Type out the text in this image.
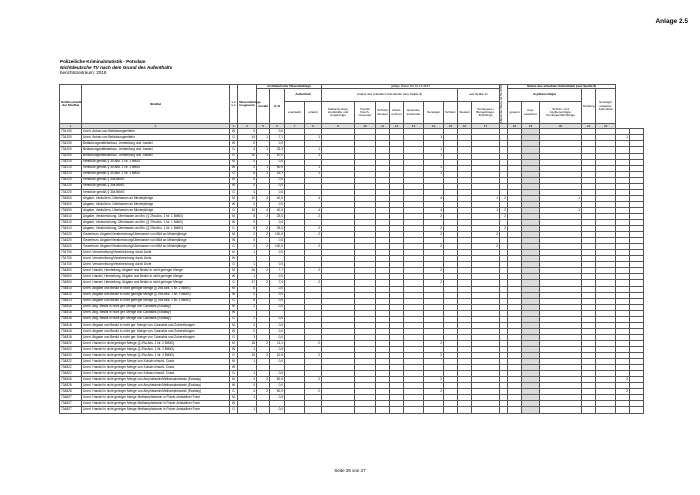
Anlage 2.5
Polizeiliche Kriminalstatistik - Potsdam
Nichtdeutsche TV nach dem Grund des Aufenthalts
berichtszeitraum: 2019
Schlüsselzahl der Straftat	Straftat	s v v v	Tatverdächtige insgesamt	nichtdeutsche Tatverdächtige				gültige Werte bis 31.12.2017									Ablauf der Werte ab 01.2018	Status des erlaubten Aufenthalts (aus Spalte 8)						
				Anzahl	in %	Aufenthalt		Anlass des erlaubten Aufenthalts (aus Spalte 8)							aus Spalte 11			Asylberechtigte			Duldung	Sonstiger erlaubter Aufenthalt		
						unerlaubt	erlaubt	Stationierungs-streitkräfte und Angehörige	Tourist/ Durch-reisender	Schüler/ Student	Arbeit-nehmer	Gewerbe-treibender	Sonstiger	Schüler	Student	Kontingent-/ Bürgerkriegs-flüchtlinge		gesamt	Asyl-bewerber	Schutz- und Asylberechtigte, Kontingentflüchtlinge				

1	2	3	4	5	6	7	8	9	10	11	12	13	14	15	16	17		18	19	20	21	22		
734100	Unerl. Anbau von Betäubungsmitteln	W	0		0,0																			
734100	Unerl. Anbau von Betäubungsmitteln	G	14	1	7,1		1						1										1	
734200	Betäubungsmittelanbau, -herstellung und -handel	W	0		0,0																			
734200	Betäubungsmittelanbau, -herstellung und -handel	G	3	1	33,3		1						1											
734200	Betäubungsmittelanbau, -herstellung und -handel	G	10	1	10,0		1						1											
734210	Verstöße gemäß § 30 Abs. 1 Nr. 1 BtMG	M	4		0,0																			
734210	Verstöße gemäß § 30 Abs. 1 Nr. 1 BtMG	W	2	1	50,0		1						1											
734210	Verstöße gemäß § 30 Abs. 1 Nr. 1 BtMG	G	6	1	16,7		1						1											
734220	Verstöße gemäß § 30a BtMG	M	4		0,0																			
734220	Verstöße gemäß § 30a BtMG	W	0		0,0																			
734220	Verstöße gemäß § 30a BtMG	G	4		0,0																			
734500	Abgabe, Veräußern, Überlassen an Minderjährige	M	10	4	40,0		4						4			1	2			1				
734500	Abgabe, Veräußern, Überlassen an Minderjährige	W	0		0,0																			
734500	Abgabe, Veräußern, Überlassen an Minderjährige	G	10	4	40,0		4						4			1	2			1				
734510	Abgabe, Verabreichung, Überlassen an Min. (§ 29a Abs. 1 Nr. 1 BtMG)	M	8	2	25,0		2						2				2							
734510	Abgabe, Verabreichung, Überlassen an Min. (§ 29a Abs. 1 Nr. 1 BtMG)	W	0		0,0																			
734510	Abgabe, Verabreichung, Überlassen an Min. (§ 29a Abs. 1 Nr. 1 BtMG)	G	8	2	25,0		2						2				2							
734520	Gewerbsm. Abgabe/Verabreichung/Überlassen von BtM an Minderjährige	M	2	2	100,0		2						2			2								
734520	Gewerbsm. Abgabe/Verabreichung/Überlassen von BtM an Minderjährige	W	0		0,0																			
734520	Gewerbsm. Abgabe/Verabreichung/Überlassen von BtM an Minderjährige	G	2	2	100,0		2						2			2								
734700	Unerl. Verschreibung/Verabreichung durch Ärzte	M	1		0,0																			
734700	Unerl. Verschreibung/Verabreichung durch Ärzte	W																						
734700	Unerl. Verschreibung/Verabreichung durch Ärzte	G	1		0,0																			
734800	Unerl. Handel, Herstellung, Abgabe und Besitz in nicht geringer Menge	M	26	2	7,7		2						2											
734800	Unerl. Handel, Herstellung, Abgabe und Besitz in nicht geringer Menge	W	1		0,0																			
734800	Unerl. Handel, Herstellung, Abgabe und Besitz in nicht geringer Menge	G	27	2	7,4		2						2											
734810	Unerl. Abgabe und Besitz in nicht geringer Menge (§ 29a Abs. 1 Nr. 2 BtMG)	M	6		0,0																			
734810	Unerl. Abgabe und Besitz in nicht geringer Menge (§ 29a Abs. 1 Nr. 2 BtMG)	W	0		0,0																			
734810	Unerl. Abgabe und Besitz in nicht geringer Menge (§ 29a Abs. 1 Nr. 2 BtMG)	G	6		0,0																			
734816	Unerl. Abg. Besitz in nicht ger. Menge von Cannabis (Ecstasy)	M	2		0,0																			
734816	Unerl. Abg. Besitz in nicht ger. Menge von Cannabis (Ecstasy)	W																						
734816	Unerl. Abg. Besitz in nicht ger. Menge von Cannabis (Ecstasy)	G	2		0,0																			
734818	Unerl. Abgabe und Besitz in nicht ger. Menge von Cannabis und Zubereitungen	M	2		0,0																			
734818	Unerl. Abgabe und Besitz in nicht ger. Menge von Cannabis und Zubereitungen	W	0		0,0																			
734818	Unerl. Abgabe und Besitz in nicht ger. Menge von Cannabis und Zubereitungen	G	3		0,0																			
734820	Unerl. Handel in nicht geringer Menge (§ 29a Abs. 1 Nr. 2 BtMG)	M	18	2	11,1		2						2											
734820	Unerl. Handel in nicht geringer Menge (§ 29a Abs. 1 Nr. 2 BtMG)	W	1		0,0																			
734820	Unerl. Handel in nicht geringer Menge (§ 29a Abs. 1 Nr. 2 BtMG)	G	19	2	10,5		2						2											
734822	Unerl. Handel in nicht geringer Menge von Kokain einschl. Crack	M	1		0,0																			
734822	Unerl. Handel in nicht geringer Menge von Kokain einschl. Crack	W																						
734822	Unerl. Handel in nicht geringer Menge von Kokain einschl. Crack	G	1		0,0																			
734826	Unerl. Handel in nicht geringer Menge von Amphetamin/Methamphetamin (Ecstasy)	M	4	2	50,0		2						2										2	
734826	Unerl. Handel in nicht geringer Menge von Amphetamin/Methamphetamin (Ecstasy)	W	0		0,0																			
734826	Unerl. Handel in nicht geringer Menge von Amphetamin/Methamphetamin (Ecstasy)	G	4	2	50,0		2						2										2	
734827	Unerl. Handel in nicht geringer Menge Methamphetamin in Pulver-/kristalliner Form	M	1		0,0																			
734827	Unerl. Handel in nicht geringer Menge Methamphetamin in Pulver-/kristalliner Form	W																						
734827	Unerl. Handel in nicht geringer Menge Methamphetamin in Pulver-/kristalliner Form	G	1		0,0																			
Seite 26 von 27
